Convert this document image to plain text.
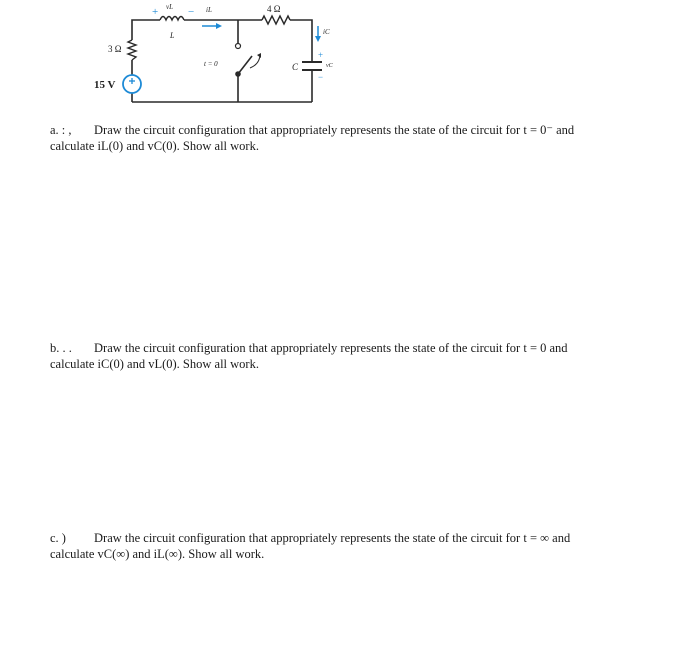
+	−
+
−
3 Ω
4 Ω
15 V
L
C
vL	iL
iC
vC
t = 0
a. : , Draw the circuit configuration that appropriately represents the state of the circuit for t = 0⁻ and
calculate iL(0) and vC(0). Show all work.
b. . . Draw the circuit configuration that appropriately represents the state of the circuit for t = 0 and
calculate iC(0) and vL(0). Show all work.
c. ) Draw the circuit configuration that appropriately represents the state of the circuit for t = ∞ and
calculate vC(∞) and iL(∞). Show all work.
